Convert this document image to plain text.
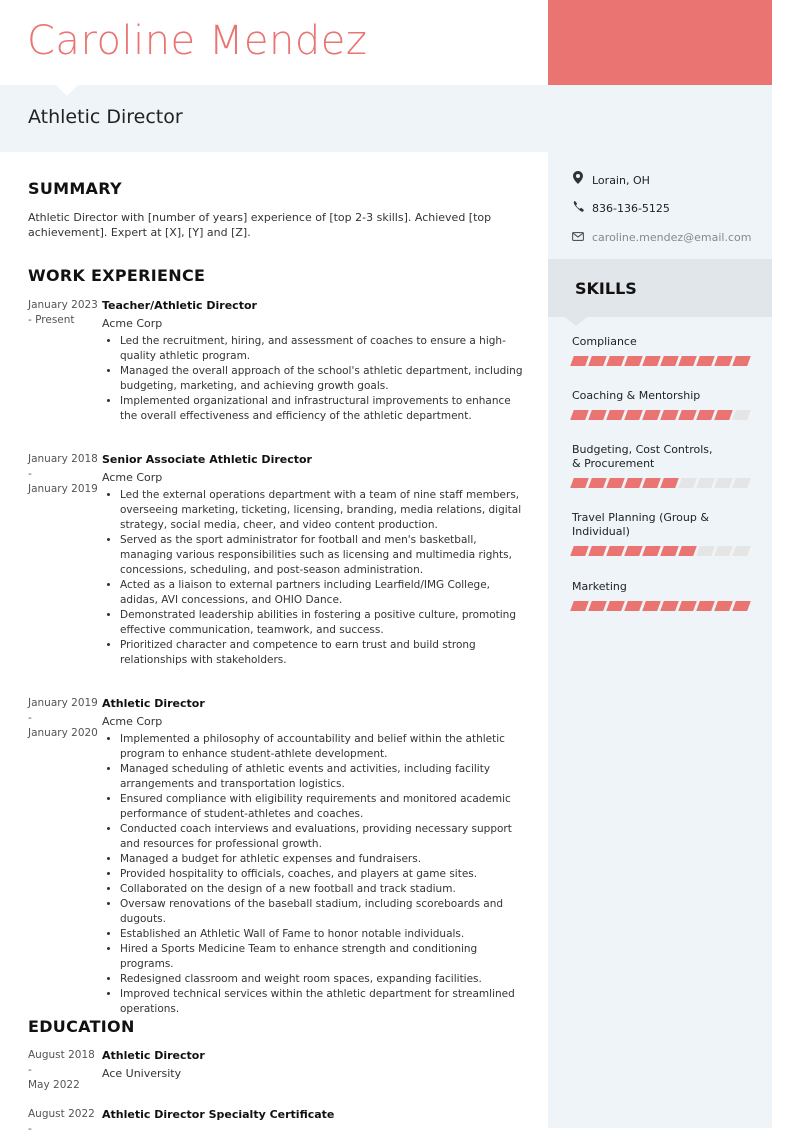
Caroline Mendez
Athletic Director
SUMMARY
Athletic Director with [number of years] experience of [top 2-3 skills]. Achieved [top achievement]. Expert at [X], [Y] and [Z].
WORK EXPERIENCE
January 2023
- Present
Teacher/Athletic Director
Acme Corp
• Led the recruitment, hiring, and assessment of coaches to ensure a high-quality athletic program.
• Managed the overall approach of the school's athletic department, including budgeting, marketing, and achieving growth goals.
• Implemented organizational and infrastructural improvements to enhance the overall effectiveness and efficiency of the athletic department.
January 2018
-
January 2019
Senior Associate Athletic Director
Acme Corp
• Led the external operations department with a team of nine staff members, overseeing marketing, ticketing, licensing, branding, media relations, digital strategy, social media, cheer, and video content production.
• Served as the sport administrator for football and men's basketball, managing various responsibilities such as licensing and multimedia rights, concessions, scheduling, and post-season administration.
• Acted as a liaison to external partners including Learfield/IMG College, adidas, AVI concessions, and OHIO Dance.
• Demonstrated leadership abilities in fostering a positive culture, promoting effective communication, teamwork, and success.
• Prioritized character and competence to earn trust and build strong relationships with stakeholders.
January 2019
-
January 2020
Athletic Director
Acme Corp
• Implemented a philosophy of accountability and belief within the athletic program to enhance student-athlete development.
• Managed scheduling of athletic events and activities, including facility arrangements and transportation logistics.
• Ensured compliance with eligibility requirements and monitored academic performance of student-athletes and coaches.
• Conducted coach interviews and evaluations, providing necessary support and resources for professional growth.
• Managed a budget for athletic expenses and fundraisers.
• Provided hospitality to officials, coaches, and players at game sites.
• Collaborated on the design of a new football and track stadium.
• Oversaw renovations of the baseball stadium, including scoreboards and dugouts.
• Established an Athletic Wall of Fame to honor notable individuals.
• Hired a Sports Medicine Team to enhance strength and conditioning programs.
• Redesigned classroom and weight room spaces, expanding facilities.
• Improved technical services within the athletic department for streamlined operations.
EDUCATION
August 2018 -
May 2022
Athletic Director
Ace University
August 2022 -
Athletic Director Specialty Certificate
Lorain, OH
836-136-5125
caroline.mendez@email.com
SKILLS
Compliance
Coaching & Mentorship
Budgeting, Cost Controls, & Procurement
Travel Planning (Group & Individual)
Marketing
